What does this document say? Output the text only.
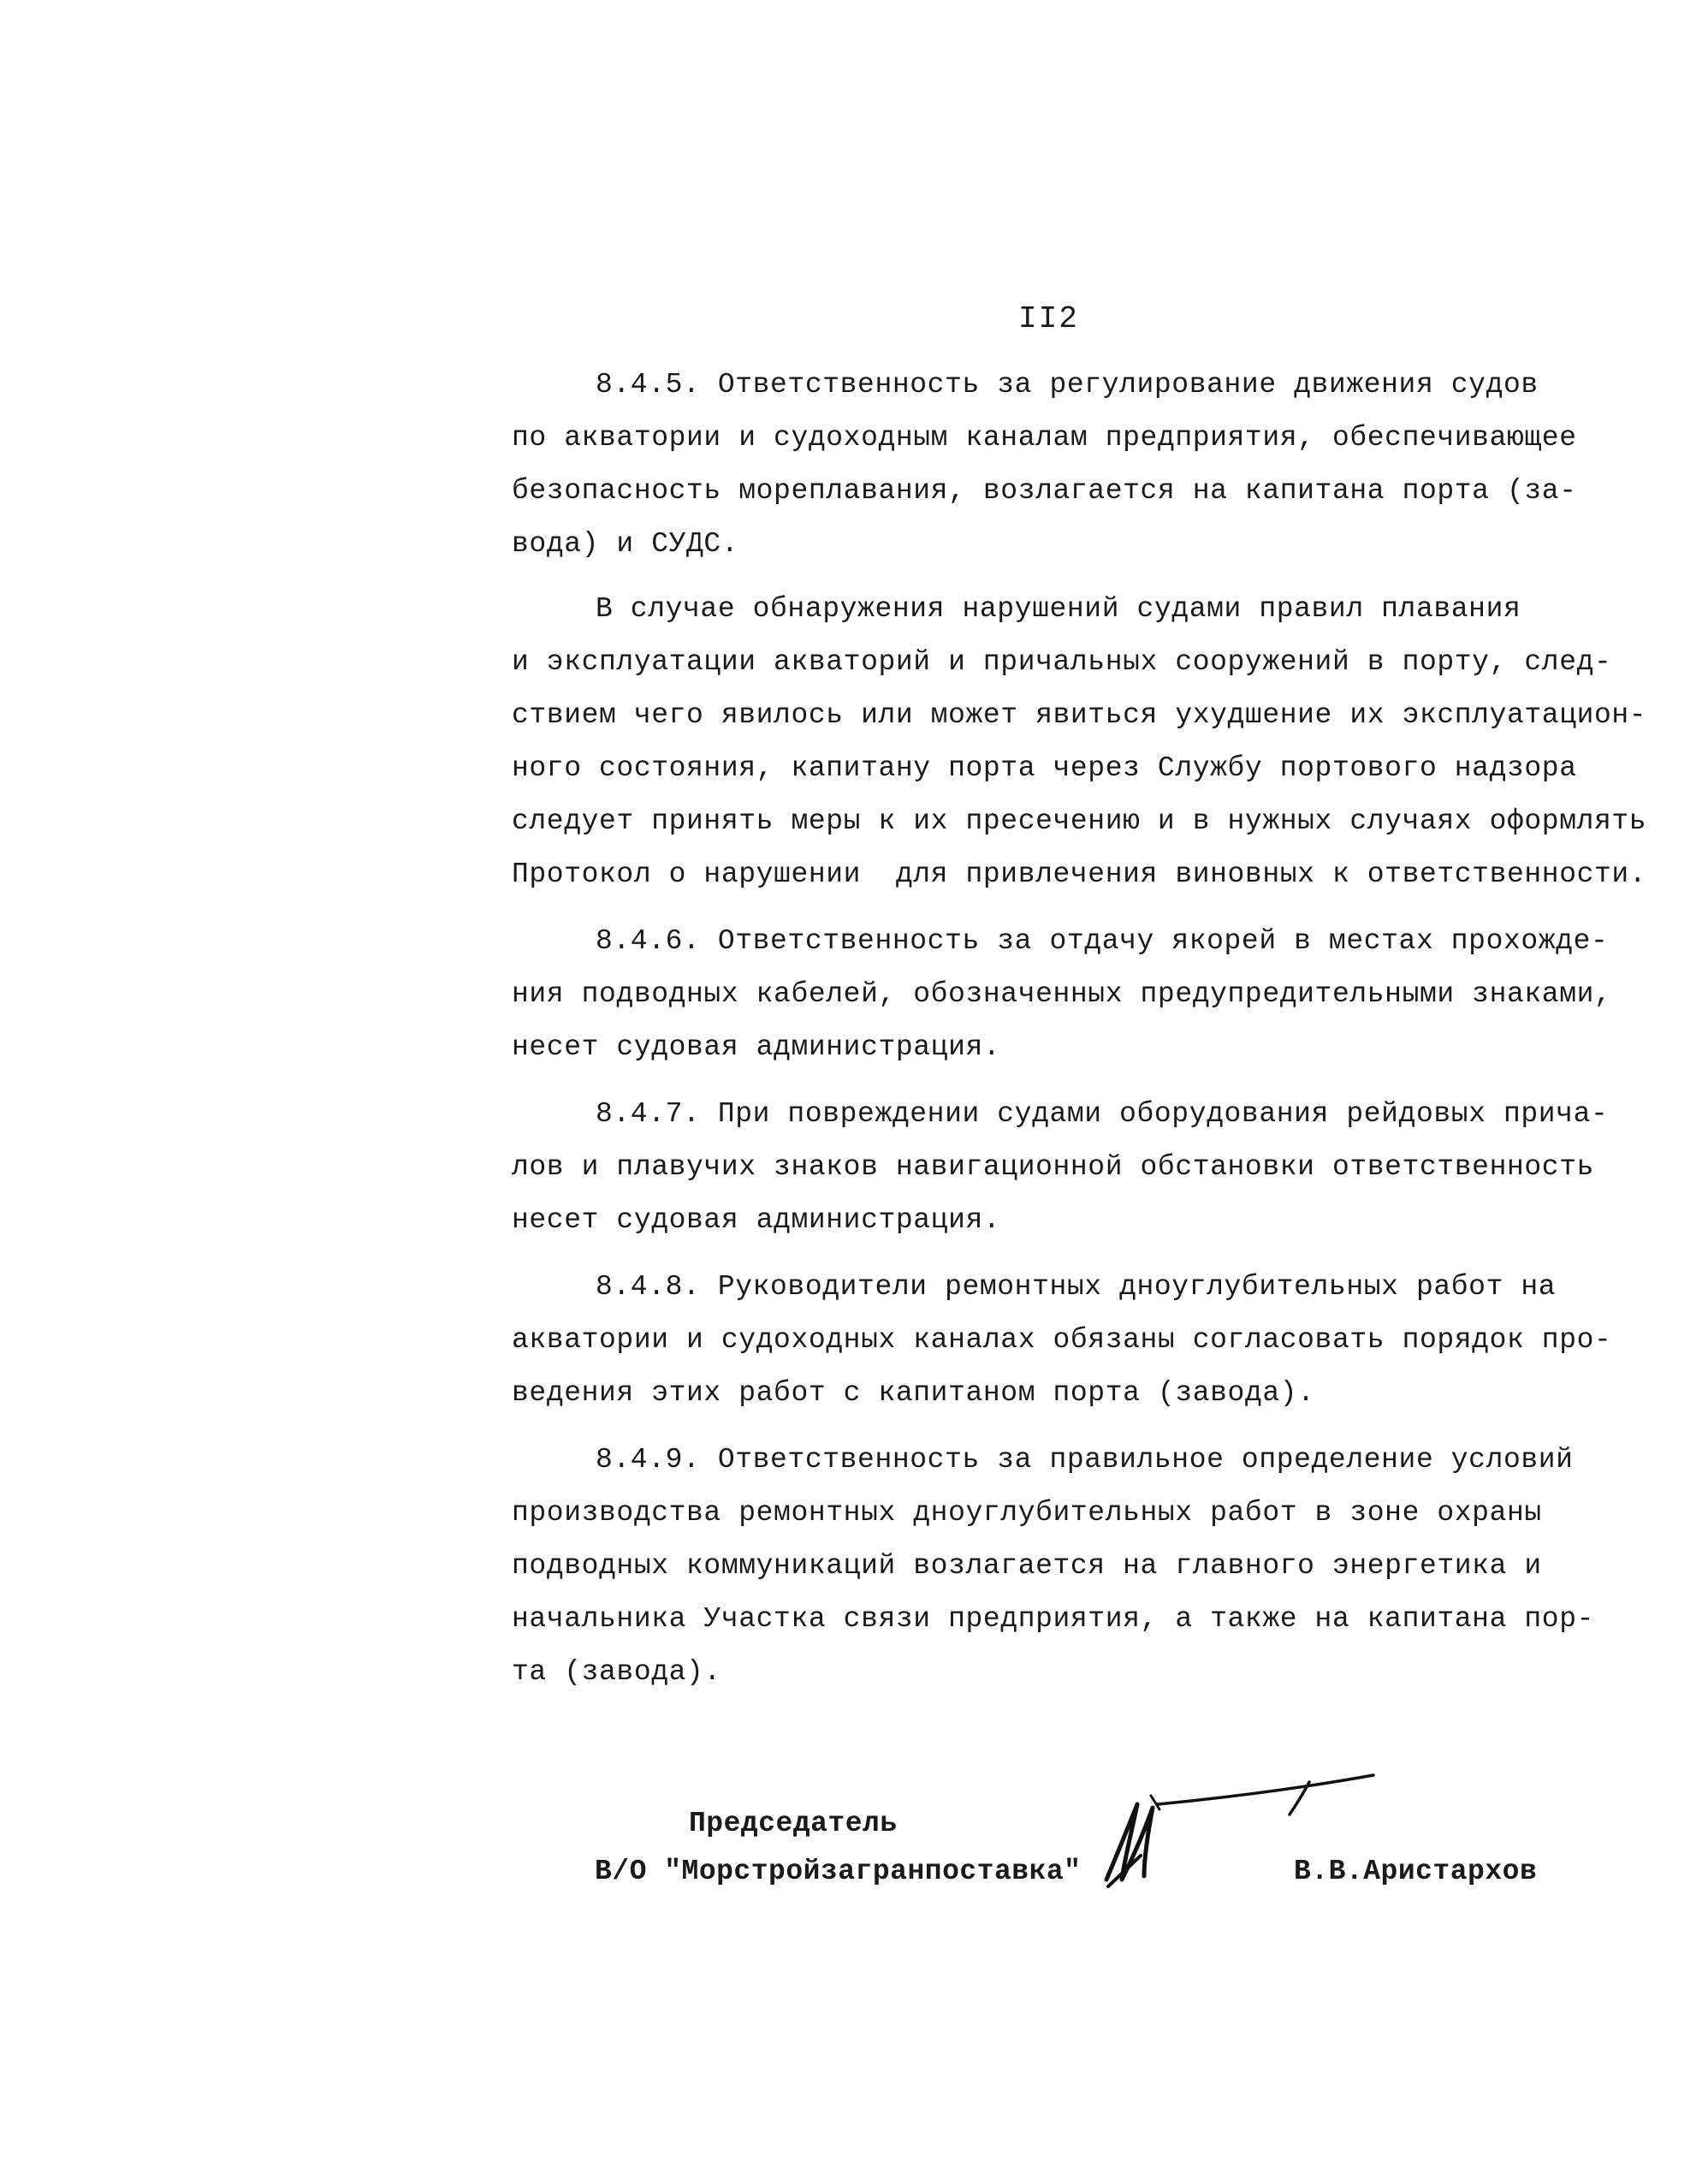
II2
8.4.5. Ответственность за регулирование движения судов
по акватории и судоходным каналам предприятия, обеспечивающее
безопасность мореплавания, возлагается на капитана порта (за-
вода) и СУДС.
В случае обнаружения нарушений судами правил плавания
и эксплуатации акваторий и причальных сооружений в порту, след-
ствием чего явилось или может явиться ухудшение их эксплуатацион-
ного состояния, капитану порта через Службу портового надзора
следует принять меры к их пресечению и в нужных случаях оформлять
Протокол о нарушении  для привлечения виновных к ответственности.
8.4.6. Ответственность за отдачу якорей в местах прохожде-
ния подводных кабелей, обозначенных предупредительными знаками,
несет судовая администрация.
8.4.7. При повреждении судами оборудования рейдовых прича-
лов и плавучих знаков навигационной обстановки ответственность
несет судовая администрация.
8.4.8. Руководители ремонтных дноуглубительных работ на
акватории и судоходных каналах обязаны согласовать порядок про-
ведения этих работ с капитаном порта (завода).
8.4.9. Ответственность за правильное определение условий
производства ремонтных дноуглубительных работ в зоне охраны
подводных коммуникаций возлагается на главного энергетика и
начальника Участка связи предприятия, а также на капитана пор-
та (завода).
Председатель
В/О "Морстройзагранпоставка"	В.В.Аристархов
